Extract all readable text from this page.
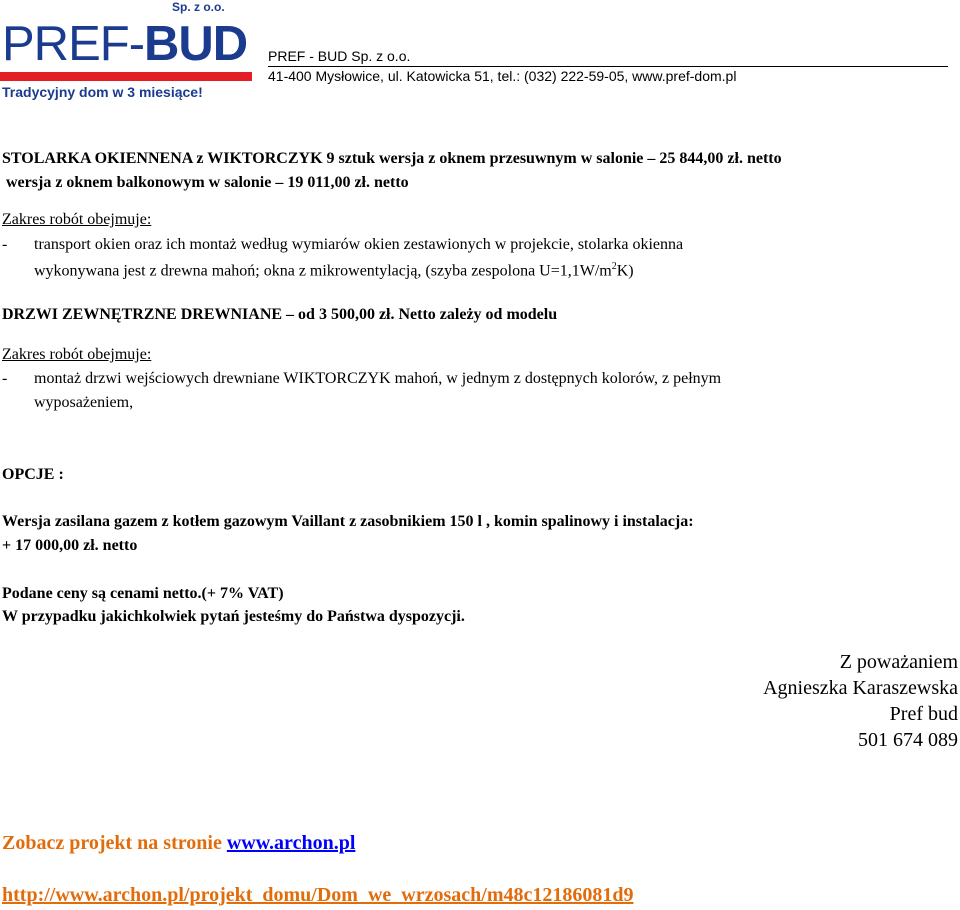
Sp. z o.o.
PREF-BUD
Tradycyjny dom w 3 miesiące!
PREF - BUD Sp. z o.o.
41-400 Mysłowice, ul. Katowicka 51, tel.: (032) 222-59-05, www.pref-dom.pl
STOLARKA OKIENNENA z WIKTORCZYK 9 sztuk wersja z oknem przesuwnym w salonie – 25 844,00 zł. netto
wersja z oknem balkonowym w salonie – 19 011,00 zł. netto
Zakres robót obejmuje:
- transport okien oraz ich montaż według wymiarów okien zestawionych w projekcie, stolarka okienna
wykonywana jest z drewna mahoń; okna z mikrowentylacją, (szyba zespolona $U=1,1W/m^2K$)
DRZWI ZEWNĘTRZNE DREWNIANE – od 3 500,00 zł. Netto zależy od modelu
Zakres robót obejmuje:
- montaż drzwi wejściowych drewniane WIKTORCZYK mahoń, w jednym z dostępnych kolorów, z pełnym
wyposażeniem,
OPCJE :
Wersja zasilana gazem z kotłem gazowym Vaillant z zasobnikiem 150 l , komin spalinowy i instalacja:
+ 17 000,00 zł. netto
Podane ceny są cenami netto.(+ 7% VAT)
W przypadku jakichkolwiek pytań jesteśmy do Państwa dyspozycji.
Z poważaniem
Agnieszka Karaszewska
Pref bud
501 674 089
Zobacz projekt na stronie www.archon.pl
http://www.archon.pl/projekt_domu/Dom_we_wrzosach/m48c12186081d9
